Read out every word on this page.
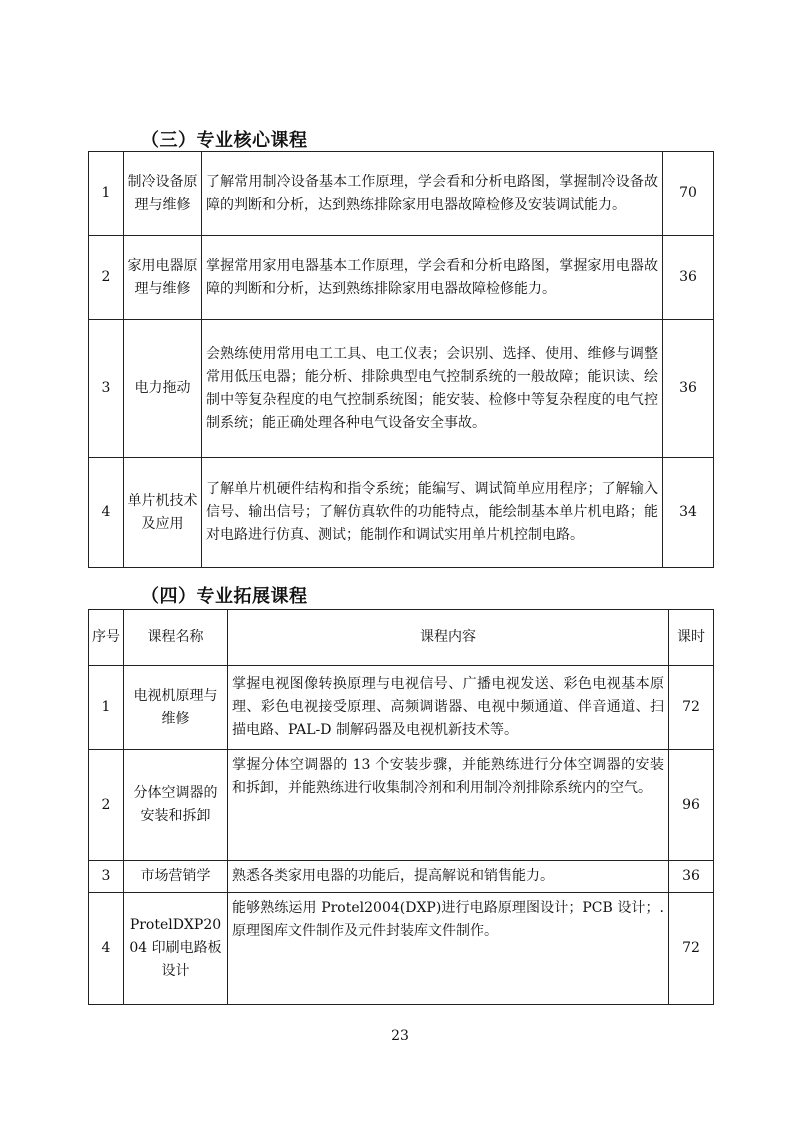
（三）专业核心课程
1	制冷设备原理与维修	了解常用制冷设备基本工作原理，学会看和分析电路图，掌握制冷设备故障的判断和分析，达到熟练排除家用电器故障检修及安装调试能力。	70
2	家用电器原理与维修	掌握常用家用电器基本工作原理，学会看和分析电路图，掌握家用电器故障的判断和分析，达到熟练排除家用电器故障检修能力。	36
3	电力拖动	会熟练使用常用电工工具、电工仪表；会识别、选择、使用、维修与调整常用低压电器；能分析、排除典型电气控制系统的一般故障；能识读、绘制中等复杂程度的电气控制系统图；能安装、检修中等复杂程度的电气控制系统；能正确处理各种电气设备安全事故。	36
4	单片机技术及应用	了解单片机硬件结构和指令系统；能编写、调试简单应用程序；了解输入信号、输出信号；了解仿真软件的功能特点，能绘制基本单片机电路；能对电路进行仿真、测试；能制作和调试实用单片机控制电路。	34
（四）专业拓展课程
序号	课程名称	课程内容	课时
1	电视机原理与维修	掌握电视图像转换原理与电视信号、广播电视发送、彩色电视基本原理、彩色电视接受原理、高频调谐器、电视中频通道、伴音通道、扫描电路、PAL-D 制解码器及电视机新技术等。	72
2	分体空调器的安装和拆卸	掌握分体空调器的 13 个安装步骤，并能熟练进行分体空调器的安装和拆卸，并能熟练进行收集制冷剂和利用制冷剂排除系统内的空气。	96
3	市场营销学	熟悉各类家用电器的功能后，提高解说和销售能力。	36
4	ProtelDXP2004 印刷电路板设计	能够熟练运用 Protel2004(DXP)进行电路原理图设计；PCB 设计；.原理图库文件制作及元件封装库文件制作。	72
23
